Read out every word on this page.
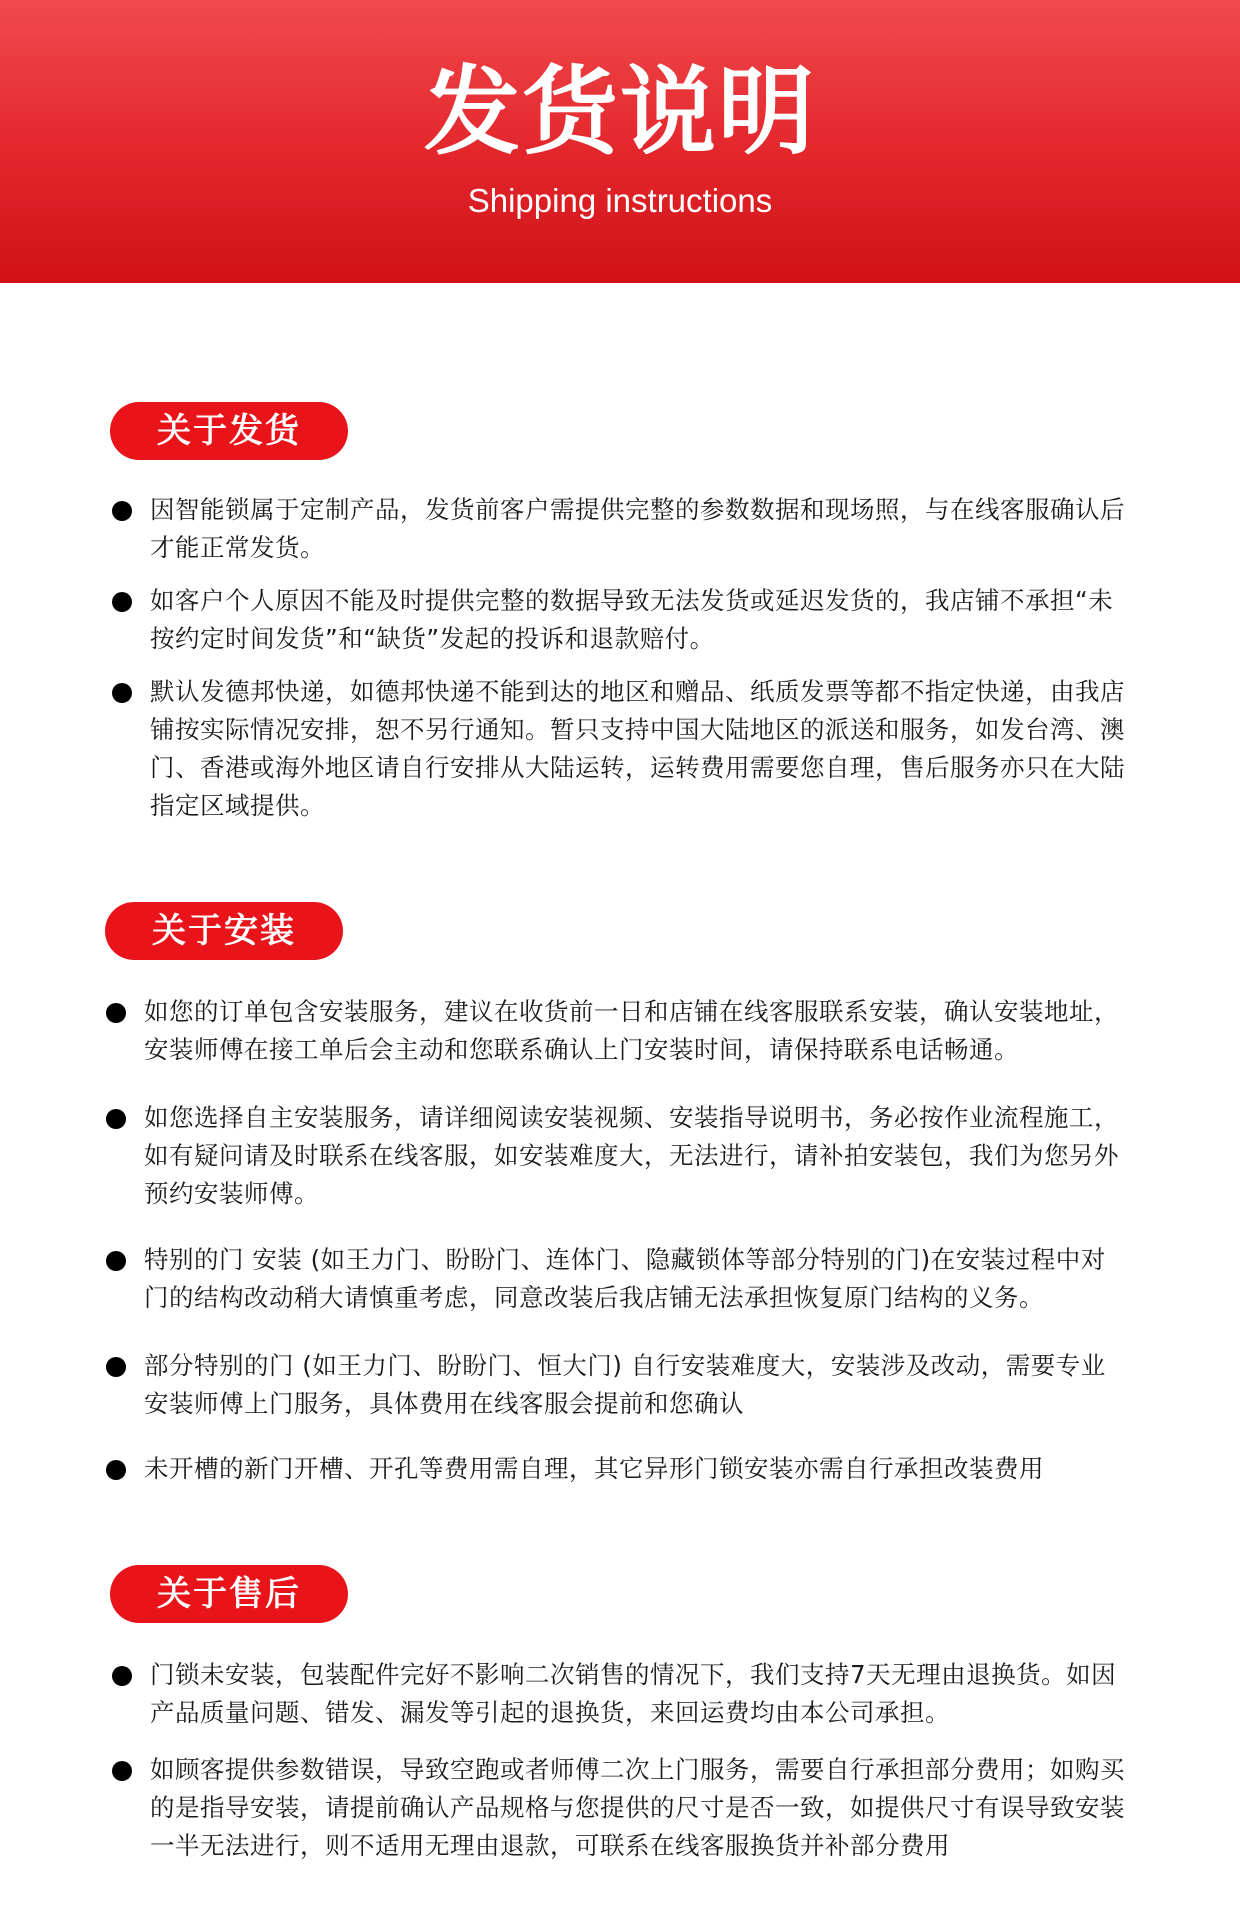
发货说明
Shipping instructions
关于发货

因智能锁属于定制产品，发货前客户需提供完整的参数数据和现场照，与在线客服确认后才能正常发货。

如客户个人原因不能及时提供完整的数据导致无法发货或延迟发货的，我店铺不承担“未按约定时间发货”和“缺货”发起的投诉和退款赔付。

默认发德邦快递，如德邦快递不能到达的地区和赠品、纸质发票等都不指定快递，由我店铺按实际情况安排，恕不另行通知。暂只支持中国大陆地区的派送和服务，如发台湾、澳门、香港或海外地区请自行安排从大陆运转，运转费用需要您自理，售后服务亦只在大陆指定区域提供。

关于安装

如您的订单包含安装服务，建议在收货前一日和店铺在线客服联系安装，确认安装地址，安装师傅在接工单后会主动和您联系确认上门安装时间，请保持联系电话畅通。

如您选择自主安装服务，请详细阅读安装视频、安装指导说明书，务必按作业流程施工，如有疑问请及时联系在线客服，如安装难度大，无法进行，请补拍安装包，我们为您另外预约安装师傅。

特别的门 安装 (如王力门、盼盼门、连体门、隐藏锁体等部分特别的门)在安装过程中对门的结构改动稍大请慎重考虑，同意改装后我店铺无法承担恢复原门结构的义务。

部分特别的门 (如王力门、盼盼门、恒大门) 自行安装难度大，安装涉及改动，需要专业安装师傅上门服务，具体费用在线客服会提前和您确认

未开槽的新门开槽、开孔等费用需自理，其它异形门锁安装亦需自行承担改装费用

关于售后

门锁未安装，包装配件完好不影响二次销售的情况下，我们支持7天无理由退换货。如因产品质量问题、错发、漏发等引起的退换货，来回运费均由本公司承担。

如顾客提供参数错误，导致空跑或者师傅二次上门服务，需要自行承担部分费用；如购买的是指导安装，请提前确认产品规格与您提供的尺寸是否一致，如提供尺寸有误导致安装一半无法进行，则不适用无理由退款，可联系在线客服换货并补部分费用
